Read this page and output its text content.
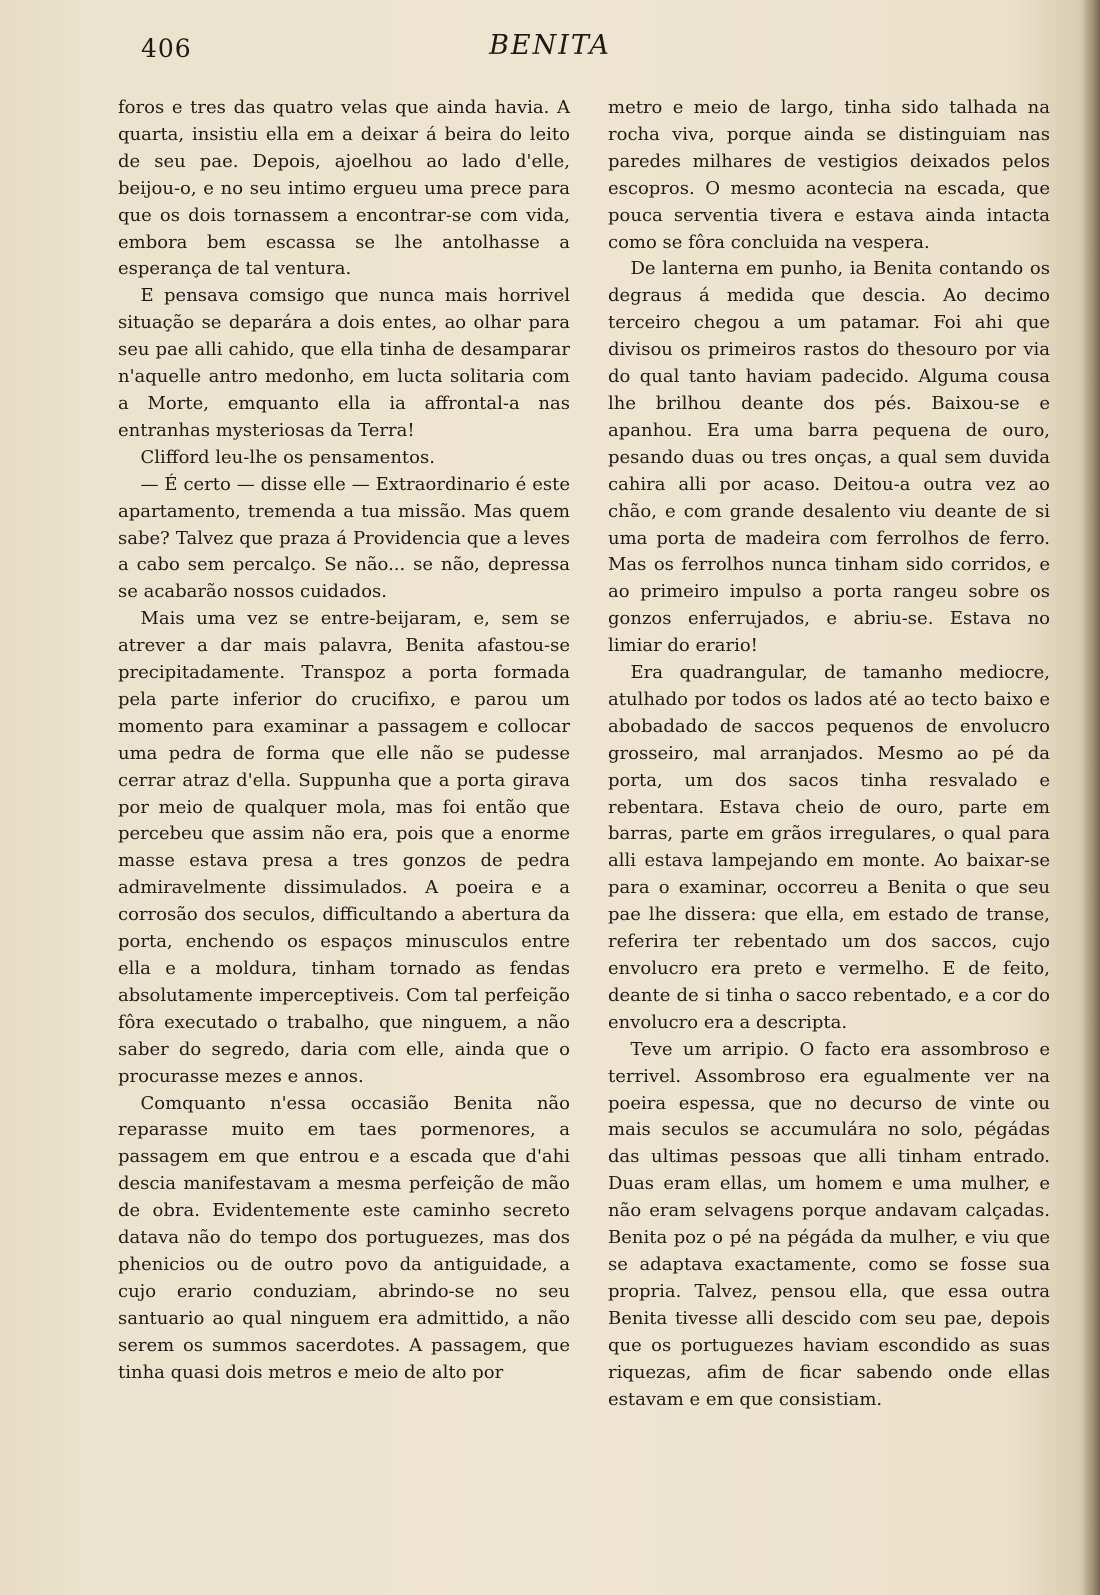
406	BENITA

foros e tres das quatro velas que ainda havia. A quarta, insistiu ella em a deixar á beira do leito de seu pae. Depois, ajoelhou ao lado d'elle, beijou-o, e no seu intimo ergueu uma prece para que os dois tornassem a encontrar-se com vida, embora bem escassa se lhe antolhasse a esperança de tal ventura.

E pensava comsigo que nunca mais horrivel situação se deparára a dois entes, ao olhar para seu pae alli cahido, que ella tinha de desamparar n'aquelle antro medonho, em lucta solitaria com a Morte, emquanto ella ia affrontal-a nas entranhas mysteriosas da Terra!

Clifford leu-lhe os pensamentos.

— É certo — disse elle — Extraordinario é este apartamento, tremenda a tua missão. Mas quem sabe? Talvez que praza á Providencia que a leves a cabo sem percalço. Se não... se não, depressa se acabarão nossos cuidados.

Mais uma vez se entre-beijaram, e, sem se atrever a dar mais palavra, Benita afastou-se precipitadamente. Transpoz a porta formada pela parte inferior do crucifixo, e parou um momento para examinar a passagem e collocar uma pedra de forma que elle não se pudesse cerrar atraz d'ella. Suppunha que a porta girava por meio de qualquer mola, mas foi então que percebeu que assim não era, pois que a enorme masse estava presa a tres gonzos de pedra admiravelmente dissimulados. A poeira e a corrosão dos seculos, difficultando a abertura da porta, enchendo os espaços minusculos entre ella e a moldura, tinham tornado as fendas absolutamente imperceptiveis. Com tal perfeição fôra executado o trabalho, que ninguem, a não saber do segredo, daria com elle, ainda que o procurasse mezes e annos.

Comquanto n'essa occasião Benita não reparasse muito em taes pormenores, a passagem em que entrou e a escada que d'ahi descia manifestavam a mesma perfeição de mão de obra. Evidentemente este caminho secreto datava não do tempo dos portuguezes, mas dos phenicios ou de outro povo da antiguidade, a cujo erario conduziam, abrindo-se no seu santuario ao qual ninguem era admittido, a não serem os summos sacerdotes. A passagem, que tinha quasi dois metros e meio de alto por

metro e meio de largo, tinha sido talhada na rocha viva, porque ainda se distinguiam nas paredes milhares de vestigios deixados pelos escopros. O mesmo acontecia na escada, que pouca serventia tivera e estava ainda intacta como se fôra concluida na vespera.

De lanterna em punho, ia Benita contando os degraus á medida que descia. Ao decimo terceiro chegou a um patamar. Foi ahi que divisou os primeiros rastos do thesouro por via do qual tanto haviam padecido. Alguma cousa lhe brilhou deante dos pés. Baixou-se e apanhou. Era uma barra pequena de ouro, pesando duas ou tres onças, a qual sem duvida cahira alli por acaso. Deitou-a outra vez ao chão, e com grande desalento viu deante de si uma porta de madeira com ferrolhos de ferro. Mas os ferrolhos nunca tinham sido corridos, e ao primeiro impulso a porta rangeu sobre os gonzos enferrujados, e abriu-se. Estava no limiar do erario!

Era quadrangular, de tamanho mediocre, atulhado por todos os lados até ao tecto baixo e abobadado de saccos pequenos de envolucro grosseiro, mal arranjados. Mesmo ao pé da porta, um dos sacos tinha resvalado e rebentara. Estava cheio de ouro, parte em barras, parte em grãos irregulares, o qual para alli estava lampejando em monte. Ao baixar-se para o examinar, occorreu a Benita o que seu pae lhe dissera: que ella, em estado de transe, referira ter rebentado um dos saccos, cujo envolucro era preto e vermelho. E de feito, deante de si tinha o sacco rebentado, e a cor do envolucro era a descripta.

Teve um arripio. O facto era assombroso e terrivel. Assombroso era egualmente ver na poeira espessa, que no decurso de vinte ou mais seculos se accumulára no solo, pégádas das ultimas pessoas que alli tinham entrado. Duas eram ellas, um homem e uma mulher, e não eram selvagens porque andavam calçadas. Benita poz o pé na pégáda da mulher, e viu que se adaptava exactamente, como se fosse sua propria. Talvez, pensou ella, que essa outra Benita tivesse alli descido com seu pae, depois que os portuguezes haviam escondido as suas riquezas, afim de ficar sabendo onde ellas estavam e em que consistiam.
